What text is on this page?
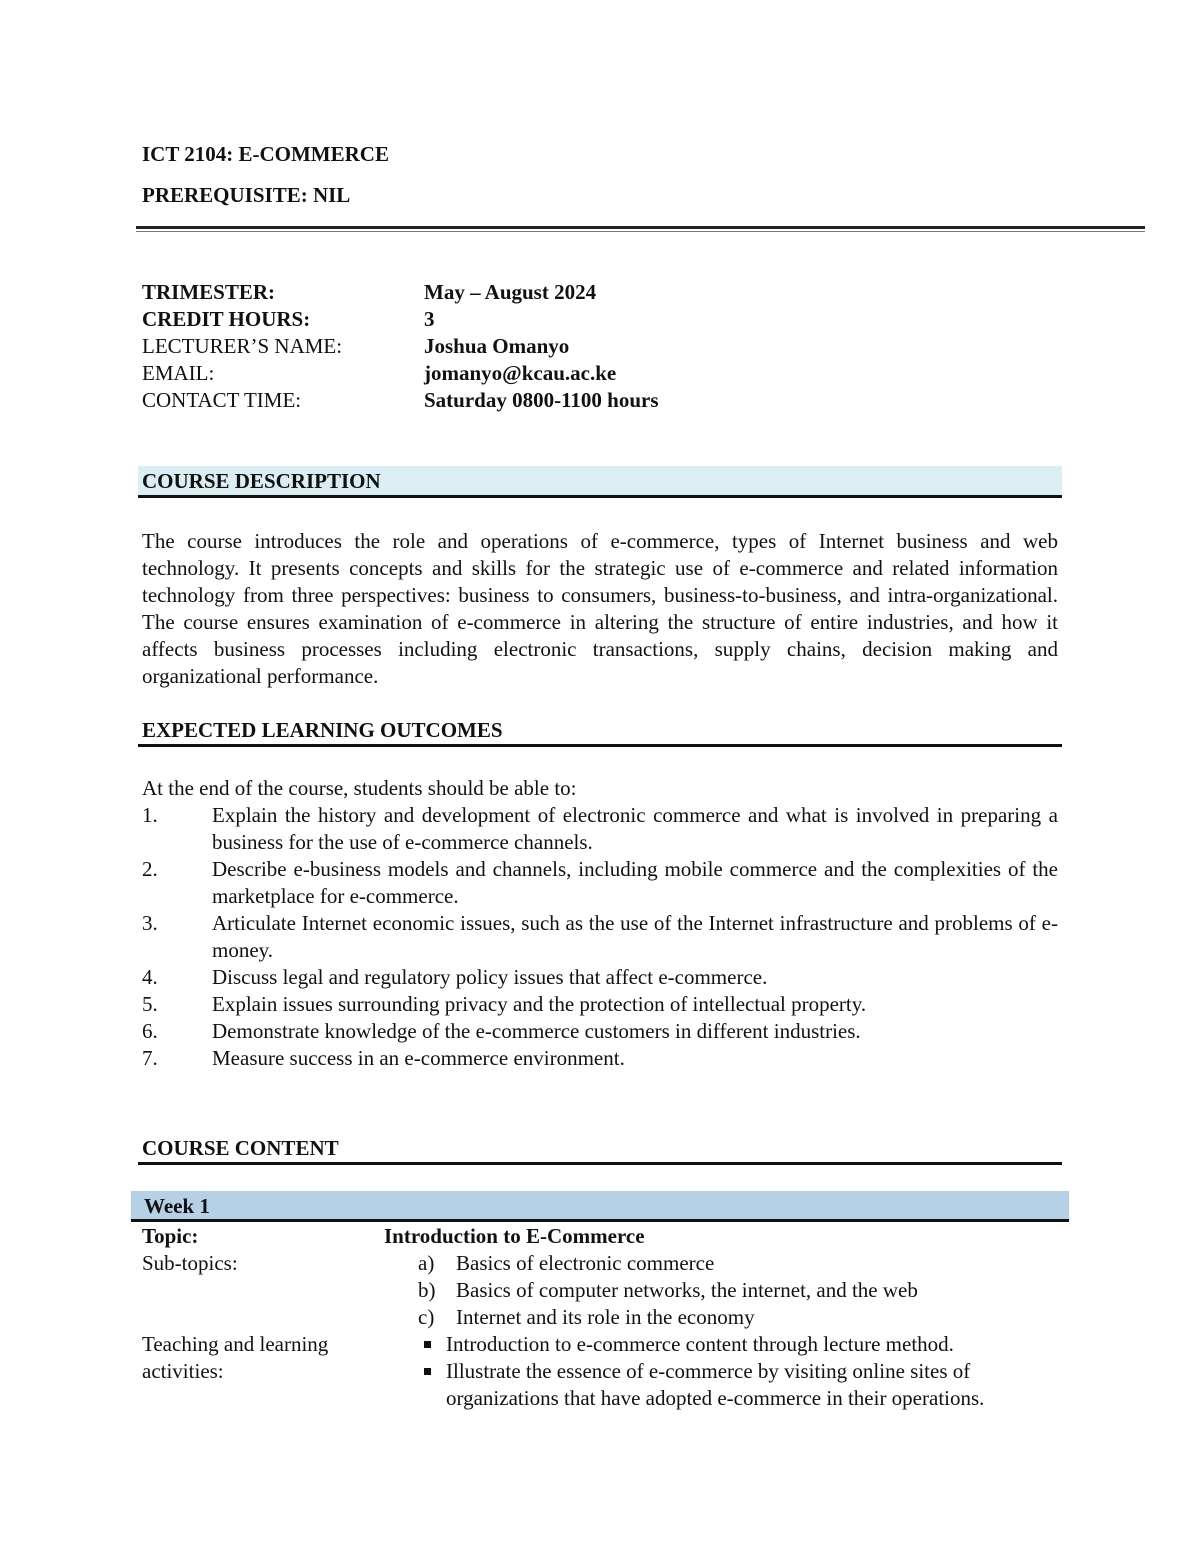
ICT 2104: E-COMMERCE
PREREQUISITE: NIL
TRIMESTER:	May – August 2024
CREDIT HOURS:	3
LECTURER’S NAME:	Joshua Omanyo
EMAIL:	jomanyo@kcau.ac.ke
CONTACT TIME:	Saturday 0800-1100 hours
COURSE DESCRIPTION
The course introduces the role and operations of e-commerce, types of Internet business and web technology. It presents concepts and skills for the strategic use of e-commerce and related information technology from three perspectives: business to consumers, business-to-business, and intra-organizational. The course ensures examination of e-commerce in altering the structure of entire industries, and how it affects business processes including electronic transactions, supply chains, decision making and organizational performance.
EXPECTED LEARNING OUTCOMES
At the end of the course, students should be able to:
1.	Explain the history and development of electronic commerce and what is involved in preparing a business for the use of e-commerce channels.
2.	Describe e-business models and channels, including mobile commerce and the complexities of the marketplace for e-commerce.
3.	Articulate Internet economic issues, such as the use of the Internet infrastructure and problems of e-money.
4.	Discuss legal and regulatory policy issues that affect e-commerce.
5.	Explain issues surrounding privacy and the protection of intellectual property.
6.	Demonstrate knowledge of the e-commerce customers in different industries.
7.	Measure success in an e-commerce environment.
COURSE CONTENT
Week 1
Topic:	Introduction to E-Commerce
Sub-topics:	a)	Basics of electronic commerce
b) Basics of computer networks, the internet, and the web
c)	Internet and its role in the economy
Teaching and learning
activities:
Introduction to e-commerce content through lecture method.
Illustrate the essence of e-commerce by visiting online sites of organizations that have adopted e-commerce in their operations.
